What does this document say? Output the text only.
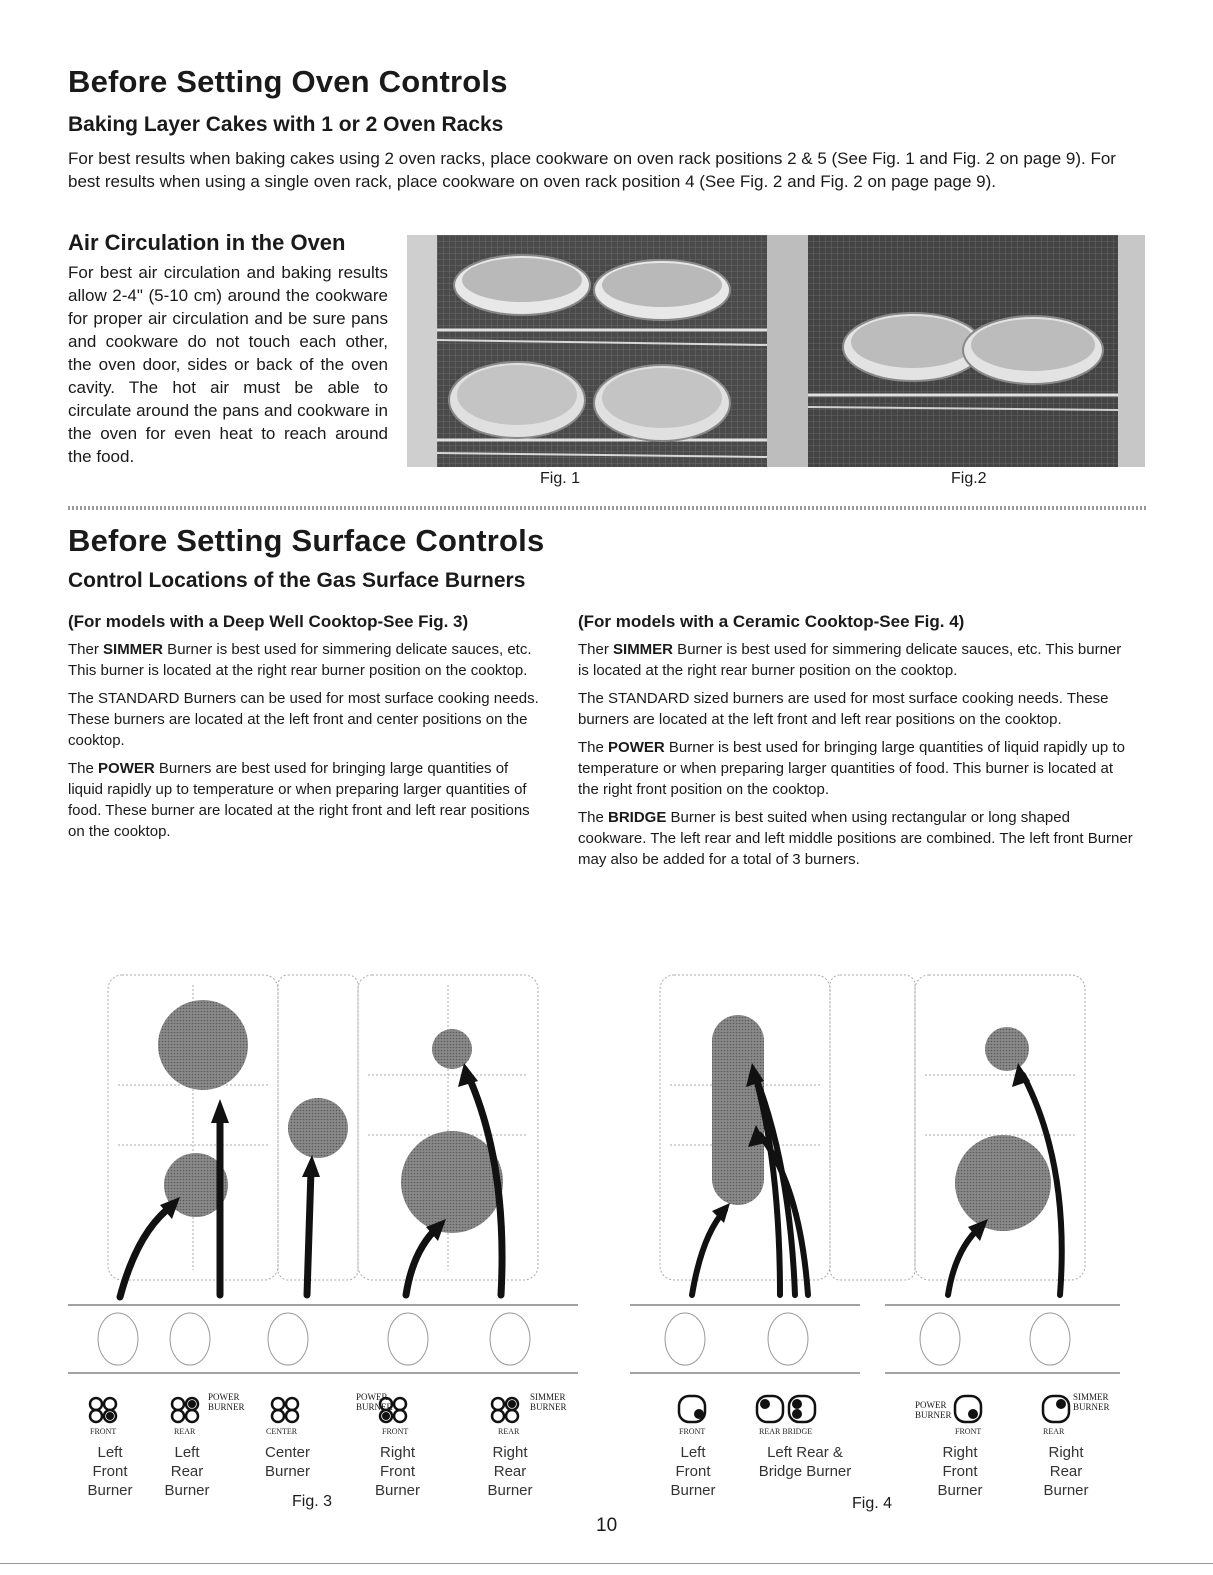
Before Setting Oven Controls
Baking Layer Cakes with 1 or 2 Oven Racks

For best results when baking cakes using 2 oven racks, place cookware on oven rack positions 2 & 5 (See Fig. 1 and Fig. 2 on page 9). For best results when using a single oven rack, place cookware on oven rack position 4 (See Fig. 2 and Fig. 2 on page page 9).

Air Circulation in the Oven

For best air circulation and baking results allow 2-4" (5-10 cm) around the cookware for proper air circulation and be sure pans and cookware do not touch each other, the oven door, sides or back of the oven cavity. The hot air must be able to circulate around the pans and cookware in the oven for even heat to reach around the food.

Fig. 1	Fig.2
Before Setting Surface Controls
Control Locations of the Gas Surface Burners
(For models with a Deep Well Cooktop-See Fig. 3)

Ther SIMMER Burner is best used for simmering delicate sauces, etc. This burner is located at the right rear burner position on the cooktop.

The STANDARD Burners can be used for most surface cooking needs. These burners are located at the left front and center positions on the cooktop.

The POWER Burners are best used for bringing large quantities of liquid rapidly up to temperature or when preparing larger quantities of food. These burner are located at the right front and left rear positions on the cooktop.

(For models with a Ceramic Cooktop-See Fig. 4)

Ther SIMMER Burner is best used for simmering delicate sauces, etc. This burner is located at the right rear burner position on the cooktop.

The STANDARD sized burners are used for most surface cooking needs. These burners are located at the left front and left rear positions on the cooktop.

The POWER Burner is best used for bringing large quantities of liquid rapidly up to temperature or when preparing larger quantities of food. This burner is located at the right front position on the cooktop.

The BRIDGE Burner is best suited when using rectangular or long shaped cookware. The left rear and left middle positions are combined. The left front Burner may also be added for a total of 3 burners.

FRONT	REAR	CENTER	FRONT	REAR
POWER
BURNER
POWER
BURNER
SIMMER
BURNER
Left
Front
Burner
Left
Rear
Burner
Center
Burner
Right
Front
Burner
Right
Rear
Burner
Fig. 3
FRONT	REAR BRIDGE	FRONT	REAR
POWER
BURNER
SIMMER
BURNER
Left
Front
Burner
Left Rear &
Bridge Burner
Right
Front
Burner
Right
Rear
Burner
Fig. 4
10
